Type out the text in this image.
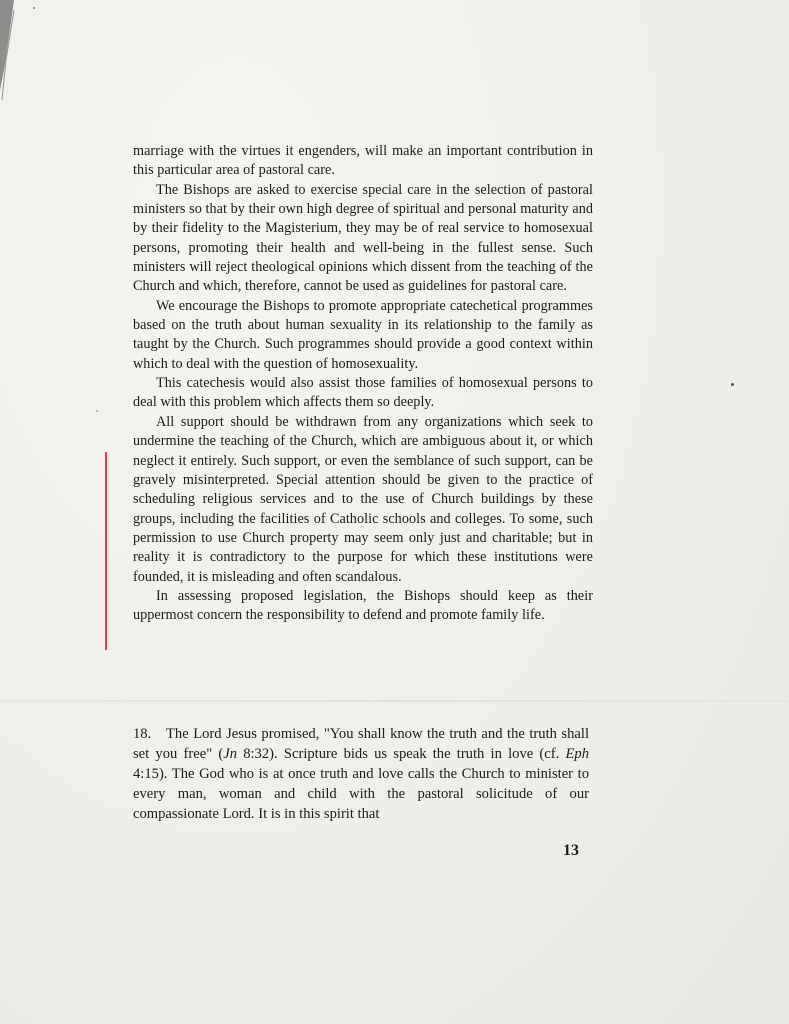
marriage with the virtues it engenders, will make an important contribution in this particular area of pastoral care.

The Bishops are asked to exercise special care in the selection of pastoral ministers so that by their own high degree of spiritual and personal maturity and by their fidelity to the Magisterium, they may be of real service to homosexual persons, promoting their health and well-being in the fullest sense. Such ministers will reject theological opinions which dissent from the teaching of the Church and which, therefore, cannot be used as guidelines for pastoral care.

We encourage the Bishops to promote appropriate catechetical programmes based on the truth about human sexuality in its relationship to the family as taught by the Church. Such programmes should provide a good context within which to deal with the question of homosexuality.

This catechesis would also assist those families of homosexual persons to deal with this problem which affects them so deeply.

All support should be withdrawn from any organizations which seek to undermine the teaching of the Church, which are ambiguous about it, or which neglect it entirely. Such support, or even the semblance of such support, can be gravely misinterpreted. Special attention should be given to the practice of scheduling religious services and to the use of Church buildings by these groups, including the facilities of Catholic schools and colleges. To some, such permission to use Church property may seem only just and charitable; but in reality it is contradictory to the purpose for which these institutions were founded, it is misleading and often scandalous.

In assessing proposed legislation, the Bishops should keep as their uppermost concern the responsibility to defend and promote family life.

18. The Lord Jesus promised, "You shall know the truth and the truth shall set you free" (Jn 8:32). Scripture bids us speak the truth in love (cf. Eph 4:15). The God who is at once truth and love calls the Church to minister to every man, woman and child with the pastoral solicitude of our compassionate Lord. It is in this spirit that

13
